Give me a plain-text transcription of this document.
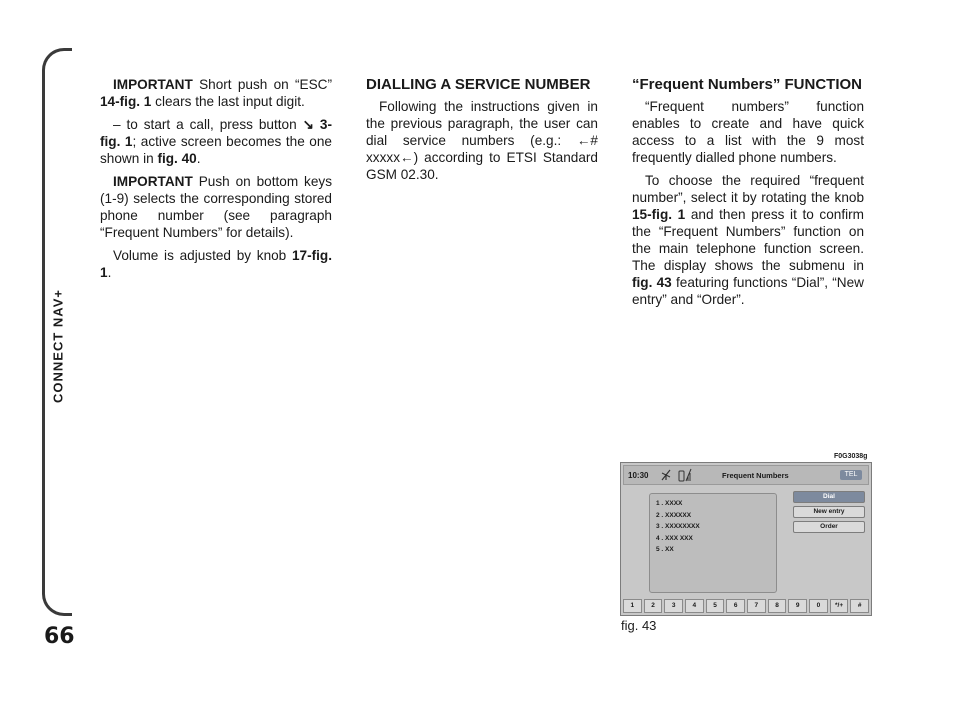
CONNECT NAV+
66

IMPORTANT Short push on “ESC” 14-fig. 1 clears the last input digit.

– to start a call, press button ↘ 3-fig. 1; active screen becomes the one shown in fig. 40.

IMPORTANT Push on bottom keys (1-9) selects the corresponding stored phone number (see paragraph “Frequent Numbers” for details).

Volume is adjusted by knob 17-fig. 1.

DIALLING A SERVICE NUMBER

Following the instructions given in the previous paragraph, the user can dial service numbers (e.g.: ←# xxxxx←) according to ETSI Standard GSM 02.30.

“Frequent Numbers” FUNCTION

“Frequent numbers” function enables to create and have quick access to a list with the 9 most frequently dialled phone numbers.

To choose the required “frequent number”, select it by rotating the knob 15-fig. 1 and then press it to confirm the “Frequent Numbers” function on the main telephone function screen. The display shows the submenu in fig. 43 featuring functions “Dial”, “New entry” and “Order”.

F0G3038g
10:30	Frequent Numbers	TEL
1 . XXXX
2 . XXXXXX
3 . XXXXXXXX
4 . XXX XXX
5 . XX
Dial
New entry
Order
1	2	3	4	5	6	7	8	9	0	*/+	#
fig. 43
